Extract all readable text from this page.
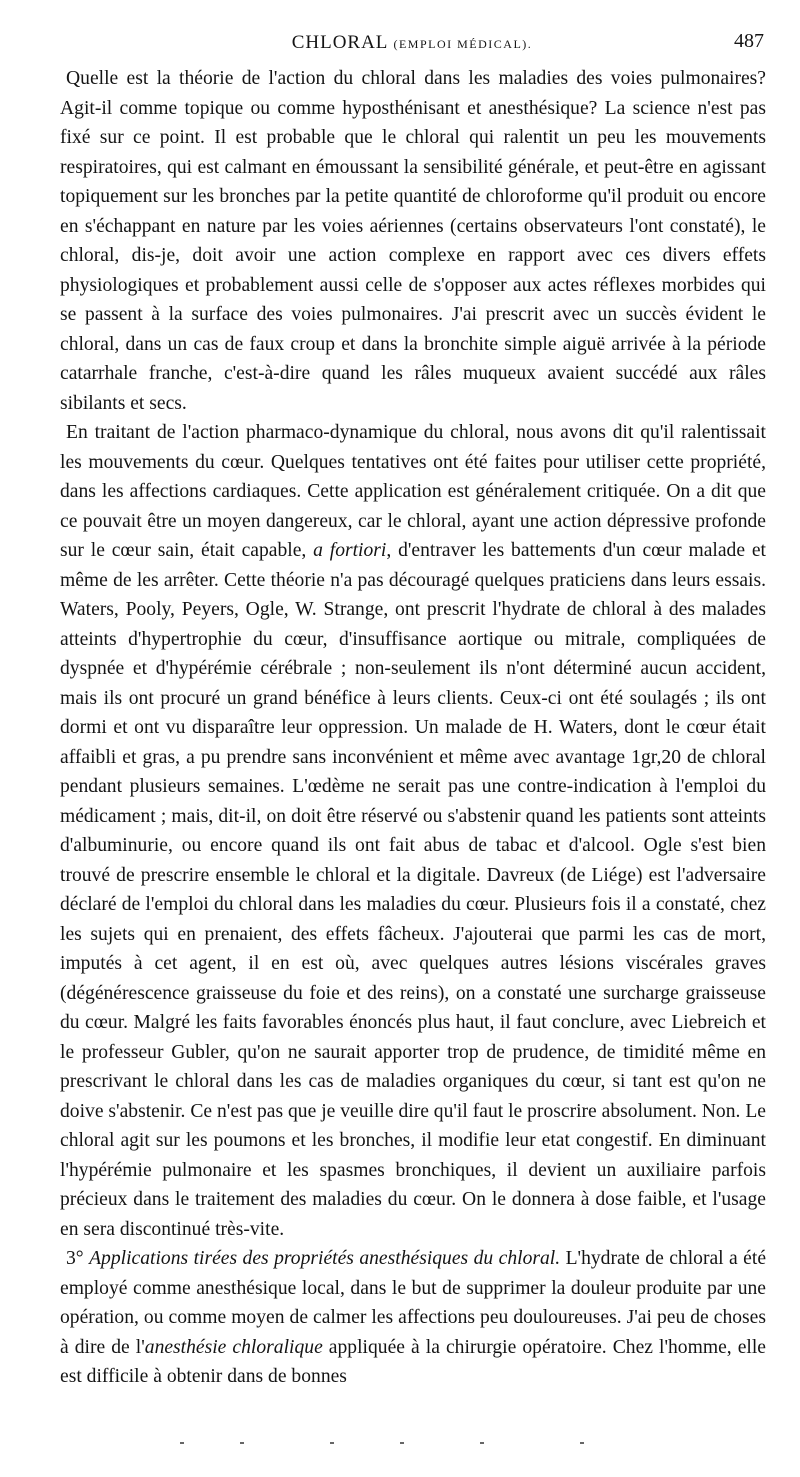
CHLORAL (EMPLOI MÉDICAL).	487

Quelle est la théorie de l'action du chloral dans les maladies des voies pulmonaires? Agit-il comme topique ou comme hyposthénisant et anesthésique? La science n'est pas fixé sur ce point. Il est probable que le chloral qui ralentit un peu les mouvements respiratoires, qui est calmant en émoussant la sensibilité générale, et peut-être en agissant topiquement sur les bronches par la petite quantité de chloroforme qu'il produit ou encore en s'échappant en nature par les voies aériennes (certains observateurs l'ont constaté), le chloral, dis-je, doit avoir une action complexe en rapport avec ces divers effets physiologiques et probablement aussi celle de s'opposer aux actes réflexes morbides qui se passent à la surface des voies pulmonaires. J'ai prescrit avec un succès évident le chloral, dans un cas de faux croup et dans la bronchite simple aiguë arrivée à la période catarrhale franche, c'est-à-dire quand les râles muqueux avaient succédé aux râles sibilants et secs.

En traitant de l'action pharmaco-dynamique du chloral, nous avons dit qu'il ralentissait les mouvements du cœur. Quelques tentatives ont été faites pour utiliser cette propriété, dans les affections cardiaques. Cette application est généralement critiquée. On a dit que ce pouvait être un moyen dangereux, car le chloral, ayant une action dépressive profonde sur le cœur sain, était capable, a fortiori, d'entraver les battements d'un cœur malade et même de les arrêter. Cette théorie n'a pas découragé quelques praticiens dans leurs essais. Waters, Pooly, Peyers, Ogle, W. Strange, ont prescrit l'hydrate de chloral à des malades atteints d'hypertrophie du cœur, d'insuffisance aortique ou mitrale, compliquées de dyspnée et d'hypérémie cérébrale ; non-seulement ils n'ont déterminé aucun accident, mais ils ont procuré un grand bénéfice à leurs clients. Ceux-ci ont été soulagés ; ils ont dormi et ont vu disparaître leur oppression. Un malade de H. Waters, dont le cœur était affaibli et gras, a pu prendre sans inconvénient et même avec avantage 1gr,20 de chloral pendant plusieurs semaines. L'œdème ne serait pas une contre-indication à l'emploi du médicament ; mais, dit-il, on doit être réservé ou s'abstenir quand les patients sont atteints d'albuminurie, ou encore quand ils ont fait abus de tabac et d'alcool. Ogle s'est bien trouvé de prescrire ensemble le chloral et la digitale. Davreux (de Liége) est l'adversaire déclaré de l'emploi du chloral dans les maladies du cœur. Plusieurs fois il a constaté, chez les sujets qui en prenaient, des effets fâcheux. J'ajouterai que parmi les cas de mort, imputés à cet agent, il en est où, avec quelques autres lésions viscérales graves (dégénérescence graisseuse du foie et des reins), on a constaté une surcharge graisseuse du cœur. Malgré les faits favorables énoncés plus haut, il faut conclure, avec Liebreich et le professeur Gubler, qu'on ne saurait apporter trop de prudence, de timidité même en prescrivant le chloral dans les cas de maladies organiques du cœur, si tant est qu'on ne doive s'abstenir. Ce n'est pas que je veuille dire qu'il faut le proscrire absolument. Non. Le chloral agit sur les poumons et les bronches, il modifie leur etat congestif. En diminuant l'hypérémie pulmonaire et les spasmes bronchiques, il devient un auxiliaire parfois précieux dans le traitement des maladies du cœur. On le donnera à dose faible, et l'usage en sera discontinué très-vite.

3° Applications tirées des propriétés anesthésiques du chloral. L'hydrate de chloral a été employé comme anesthésique local, dans le but de supprimer la douleur produite par une opération, ou comme moyen de calmer les affections peu douloureuses. J'ai peu de choses à dire de l'anesthésie chloralique appliquée à la chirurgie opératoire. Chez l'homme, elle est difficile à obtenir dans de bonnes
